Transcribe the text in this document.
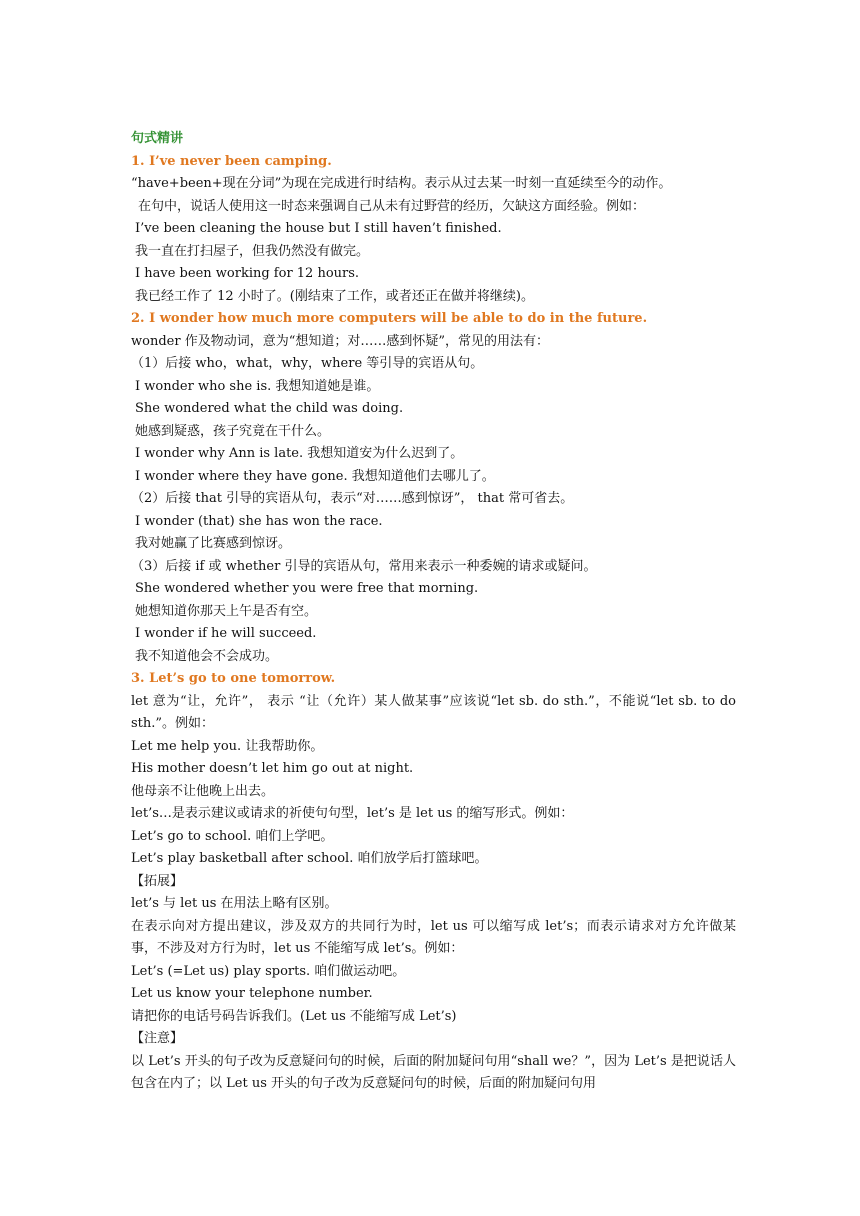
句式精讲
1. I’ve never been camping.
“have+been+现在分词”为现在完成进行时结构。表示从过去某一时刻一直延续至今的动作。
在句中，说话人使用这一时态来强调自己从未有过野营的经历，欠缺这方面经验。例如：
I’ve been cleaning the house but I still haven’t finished.
我一直在打扫屋子，但我仍然没有做完。
I have been working for 12 hours.
我已经工作了 12 小时了。(刚结束了工作，或者还正在做并将继续)。
2. I wonder how much more computers will be able to do in the future.
wonder 作及物动词，意为“想知道；对……感到怀疑”，常见的用法有：
（1）后接 who，what，why，where 等引导的宾语从句。
I wonder who she is. 我想知道她是谁。
She wondered what the child was doing.
她感到疑惑，孩子究竟在干什么。
I wonder why Ann is late. 我想知道安为什么迟到了。
I wonder where they have gone. 我想知道他们去哪儿了。
（2）后接 that 引导的宾语从句，表示“对……感到惊讶”， that 常可省去。
I wonder (that) she has won the race.
我对她赢了比赛感到惊讶。
（3）后接 if 或 whether 引导的宾语从句，常用来表示一种委婉的请求或疑问。
She wondered whether you were free that morning.
她想知道你那天上午是否有空。
I wonder if he will succeed.
我不知道他会不会成功。
3. Let’s go to one tomorrow.
let 意为“让，允许”， 表示 “让（允许）某人做某事”应该说“let sb. do sth.”，不能说“let sb. to do sth.”。例如：
Let me help you. 让我帮助你。
His mother doesn’t let him go out at night.
他母亲不让他晚上出去。
let’s…是表示建议或请求的祈使句句型，let’s 是 let us 的缩写形式。例如：
Let’s go to school. 咱们上学吧。
Let’s play basketball after school. 咱们放学后打篮球吧。
【拓展】
let’s 与 let us 在用法上略有区别。
在表示向对方提出建议，涉及双方的共同行为时，let us 可以缩写成 let’s；而表示请求对方允许做某事，不涉及对方行为时，let us 不能缩写成 let’s。例如：
Let’s (=Let us) play sports. 咱们做运动吧。
Let us know your telephone number.
请把你的电话号码告诉我们。(Let us 不能缩写成 Let’s)
【注意】
以 Let’s 开头的句子改为反意疑问句的时候，后面的附加疑问句用“shall we？”，因为 Let’s 是把说话人包含在内了；以 Let us 开头的句子改为反意疑问句的时候，后面的附加疑问句用
